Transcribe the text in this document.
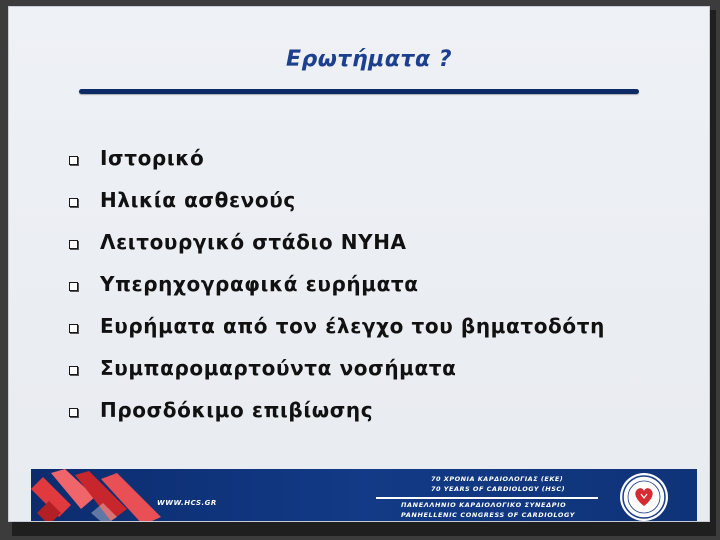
Ερωτήματα ?
Ιστορικό
Ηλικία ασθενούς
Λειτουργικό στάδιο NYHA
Υπερηχογραφικά ευρήματα
Ευρήματα από τον έλεγχο του βηματοδότη
Συμπαρομαρτούντα νοσήματα
Προσδόκιμο επιβίωσης
WWW.HCS.GR
70 ΧΡΟΝΙΑ ΚΑΡΔΙΟΛΟΓΙΑΣ (ΕΚΕ)
70 YEARS OF CARDIOLOGY (HSC)
ΠΑΝΕΛΛΗΝΙΟ ΚΑΡΔΙΟΛΟΓΙΚΟ ΣΥΝΕΔΡΙΟ
PANHELLENIC CONGRESS OF CARDIOLOGY
